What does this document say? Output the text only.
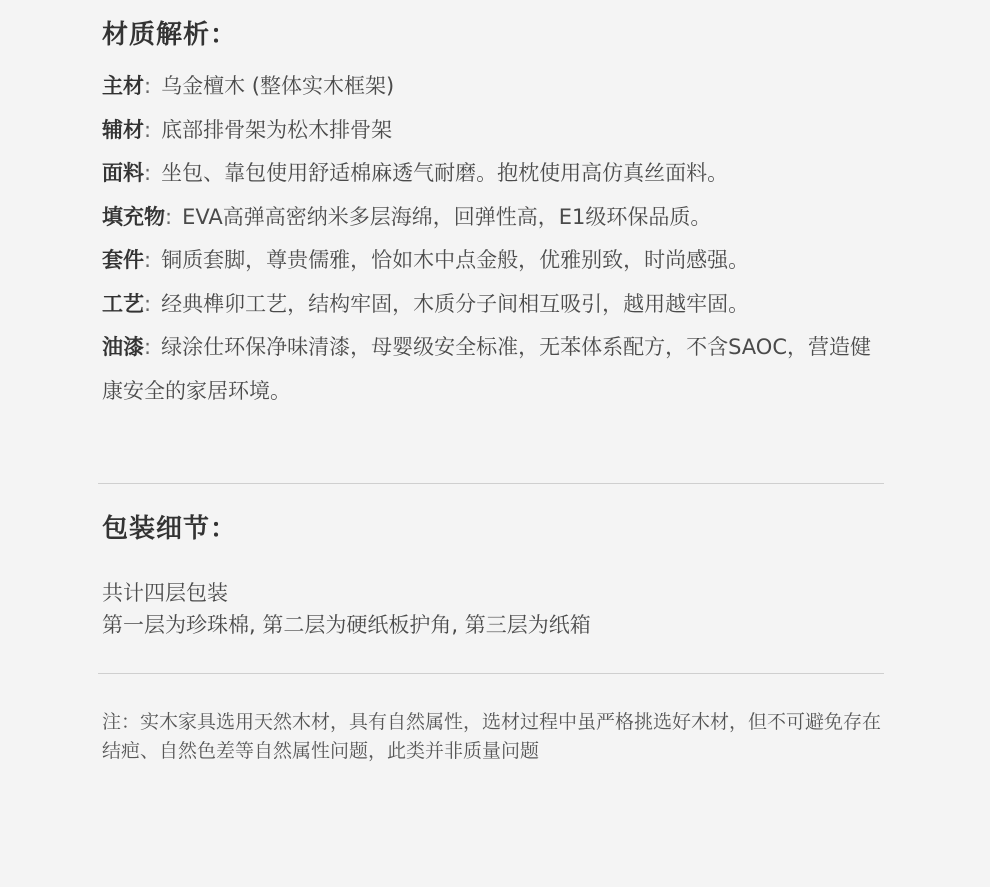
材质解析：
主材: 乌金檀木 (整体实木框架)
辅材: 底部排骨架为松木排骨架
面料: 坐包、靠包使用舒适棉麻透气耐磨。抱枕使用高仿真丝面料。
填充物: EVA高弹高密纳米多层海绵，回弹性高，E1级环保品质。
套件: 铜质套脚，尊贵儒雅，恰如木中点金般，优雅别致，时尚感强。
工艺: 经典榫卯工艺，结构牢固，木质分子间相互吸引，越用越牢固。
油漆: 绿涂仕环保净味清漆，母婴级安全标准，无苯体系配方，不含SAOC，营造健康安全的家居环境。
包装细节：
共计四层包装
第一层为珍珠棉, 第二层为硬纸板护角, 第三层为纸箱
注：实木家具选用天然木材，具有自然属性，选材过程中虽严格挑选好木材，但不可避免存在结疤、自然色差等自然属性问题，此类并非质量问题
